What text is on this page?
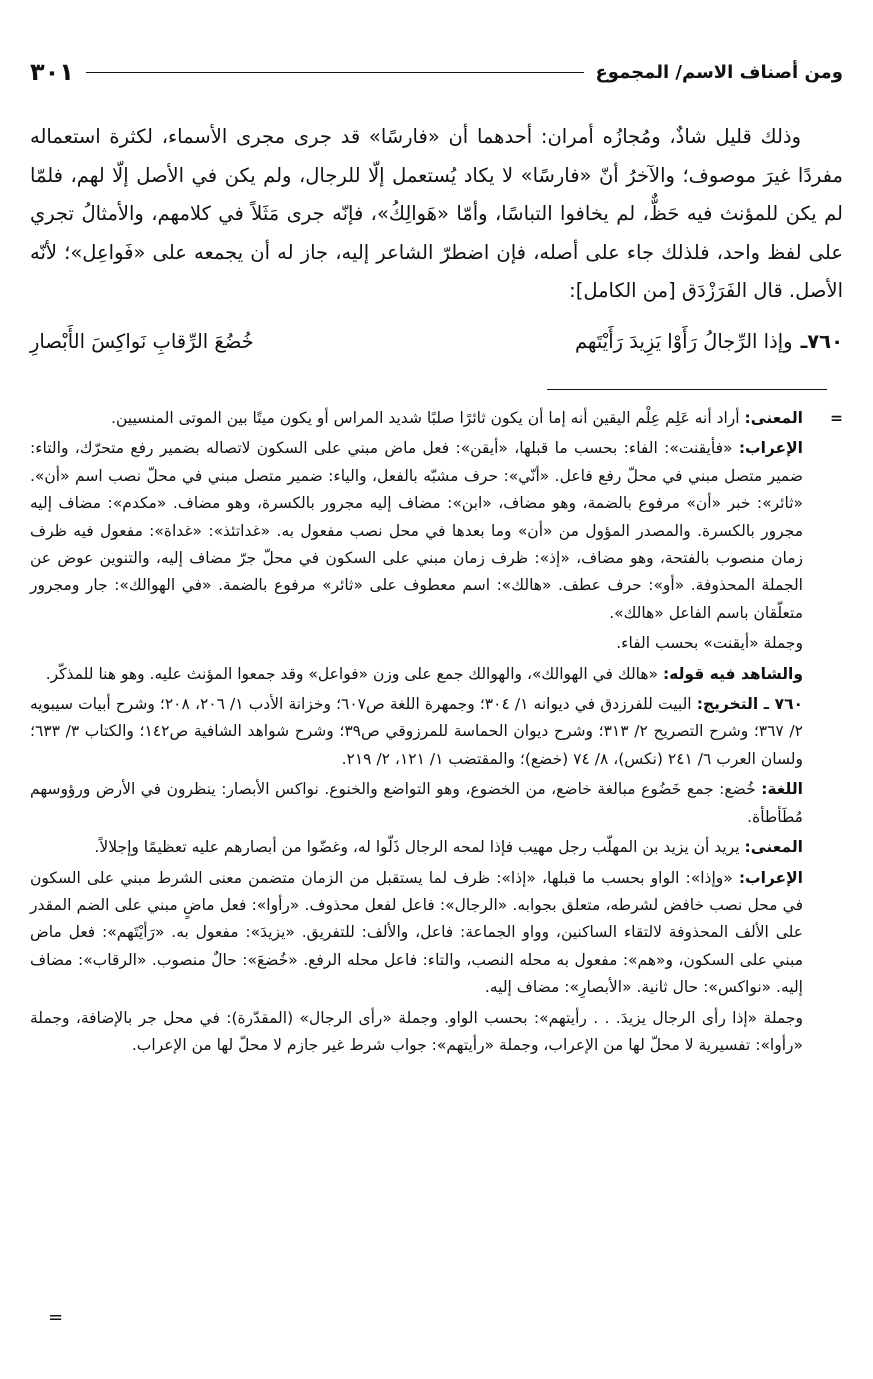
ومن أصناف الاسم/ المجموع
٣٠١

وذلك قليل شاذٌ، ومُجازُه أمران: أحدهما أن «فارسًا» قد جرى مجرى الأسماء، لكثرة استعماله مفردًا غيرَ موصوف؛ والآخرُ أنّ «فارسًا» لا يكاد يُستعمل إلّا للرجال، ولم يكن في الأصل إلّا لهم، فلمّا لم يكن للمؤنث فيه حَظٌّ، لم يخافوا التباسًا، وأمّا «هَوالِكُ»، فإنّه جرى مَثَلاً في كلامهم، والأمثالُ تجري على لفظ واحد، فلذلك جاء على أصله، فإن اضطرّ الشاعر إليه، جاز له أن يجمعه على «فَواعِل»؛ لأنّه الأصل. قال الفَرَزْدَق [من الكامل]:

٧٦٠ـ
وإذا الرِّجالُ رَأَوْا يَزِيدَ رَأَيْتَهم
خُضُعَ الرِّقابِ نَواكِسَ الأَبْصارِ

=
المعنى: أراد أنه عَلِم عِلْم اليقين أنه إما أن يكون ثائرًا صلبًا شديد المراس أو يكون ميتًا بين الموتى المنسيين.

الإعراب: «فأيقنت»: الفاء: بحسب ما قبلها، «أيقن»: فعل ماض مبني على السكون لاتصاله بضمير رفع متحرّك، والتاء: ضمير متصل مبني في محلّ رفع فاعل. «أنّي»: حرف مشبّه بالفعل، والياء: ضمير متصل مبني في محلّ نصب اسم «أن». «ثائر»: خبر «أن» مرفوع بالضمة، وهو مضاف، «ابن»: مضاف إليه مجرور بالكسرة، وهو مضاف. «مكدم»: مضاف إليه مجرور بالكسرة. والمصدر المؤول من «أن» وما بعدها في محل نصب مفعول به. «غداتئذ»: «غداة»: مفعول فيه ظرف زمان منصوب بالفتحة، وهو مضاف، «إذ»: ظرف زمان مبني على السكون في محلّ جرّ مضاف إليه، والتنوين عوض عن الجملة المحذوفة. «أو»: حرف عطف. «هالك»: اسم معطوف على «ثائر» مرفوع بالضمة. «في الهوالك»: جار ومجرور متعلّقان باسم الفاعل «هالك».

وجملة «أيقنت» بحسب الفاء.

والشاهد فيه قوله: «هالك في الهوالك»، والهوالك جمع على وزن «فواعل» وقد جمعوا المؤنث عليه. وهو هنا للمذكّر.

٧٦٠ ـ التخريج: البيت للفرزدق في ديوانه ١/ ٣٠٤؛ وجمهرة اللغة ص٦٠٧؛ وخزانة الأدب ١/ ٢٠٦، ٢٠٨؛ وشرح أبيات سيبويه ٢/ ٣٦٧؛ وشرح التصريح ٢/ ٣١٣؛ وشرح ديوان الحماسة للمرزوقي ص٣٩؛ وشرح شواهد الشافية ص١٤٢؛ والكتاب ٣/ ٦٣٣؛ ولسان العرب ٦/ ٢٤١ (نكس)، ٨/ ٧٤ (خضع)؛ والمقتضب ١/ ١٢١، ٢/ ٢١٩.

اللغة: خُضع: جمع خَضُوع مبالغة خاضع، من الخضوع، وهو التواضع والخنوع. نواكس الأبصار: ينظرون في الأرض ورؤوسهم مُطَأطأة.

المعنى: يريد أن يزيد بن المهلّب رجل مهيب فإذا لمحه الرجال ذَلّوا له، وغضّوا من أبصارهم عليه تعظيمًا وإجلالاً.

الإعراب: «وإذا»: الواو بحسب ما قبلها، «إذا»: ظرف لما يستقبل من الزمان متضمن معنى الشرط مبني على السكون في محل نصب خافض لشرطه، متعلق بجوابه. «الرجال»: فاعل لفعل محذوف. «رأوا»: فعل ماضٍ مبني على الضم المقدر على الألف المحذوفة لالتقاء الساكنين، وواو الجماعة: فاعل، والألف: للتفريق. «يزيدَ»: مفعول به. «رَأيْتَهم»: فعل ماض مبني على السكون، و«هم»: مفعول به محله النصب، والتاء: فاعل محله الرفع. «خُضعَ»: حالٌ منصوب. «الرقاب»: مضاف إليه. «نواكس»: حال ثانية. «الأبصارِ»: مضاف إليه.

وجملة «إذا رأى الرجال يزيدَ. . . رأيتهم»: بحسب الواو. وجملة «رأى الرجال» (المقدّرة): في محل جر بالإضافة، وجملة «رأوا»: تفسيرية لا محلّ لها من الإعراب، وجملة «رأيتهم»: جواب شرط غير جازم لا محلّ لها من الإعراب.

=
